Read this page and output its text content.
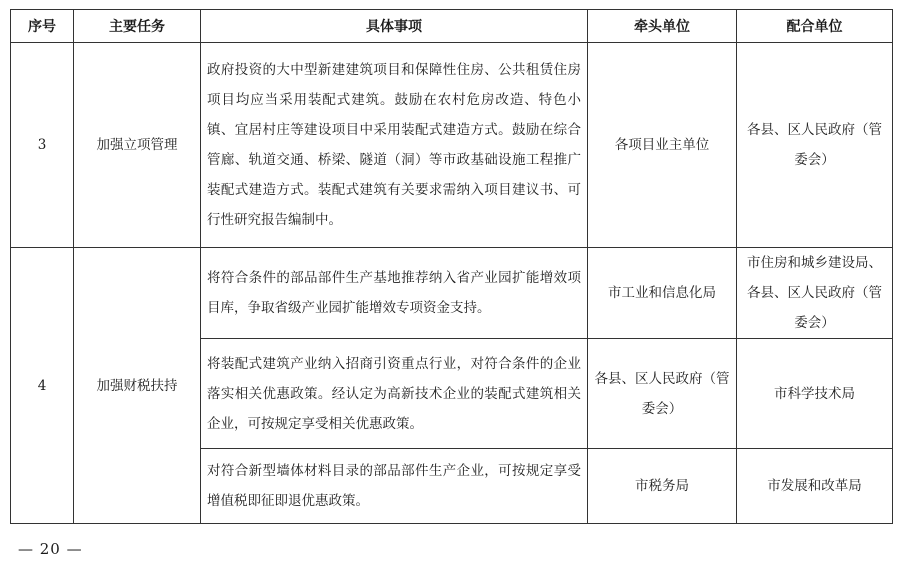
序号	主要任务	具体事项	牵头单位	配合单位
3	加强立项管理	政府投资的大中型新建建筑项目和保障性住房、公共租赁住房项目均应当采用装配式建筑。鼓励在农村危房改造、特色小镇、宜居村庄等建设项目中采用装配式建造方式。鼓励在综合管廊、轨道交通、桥梁、隧道（洞）等市政基础设施工程推广装配式建造方式。装配式建筑有关要求需纳入项目建议书、可行性研究报告编制中。	各项目业主单位	各县、区人民政府（管委会）
4	加强财税扶持	将符合条件的部品部件生产基地推荐纳入省产业园扩能增效项目库，争取省级产业园扩能增效专项资金支持。	市工业和信息化局	市住房和城乡建设局、各县、区人民政府（管委会）
		将装配式建筑产业纳入招商引资重点行业，对符合条件的企业落实相关优惠政策。经认定为高新技术企业的装配式建筑相关企业，可按规定享受相关优惠政策。	各县、区人民政府（管委会）	市科学技术局
		对符合新型墙体材料目录的部品部件生产企业，可按规定享受增值税即征即退优惠政策。	市税务局	市发展和改革局
— 20 —
